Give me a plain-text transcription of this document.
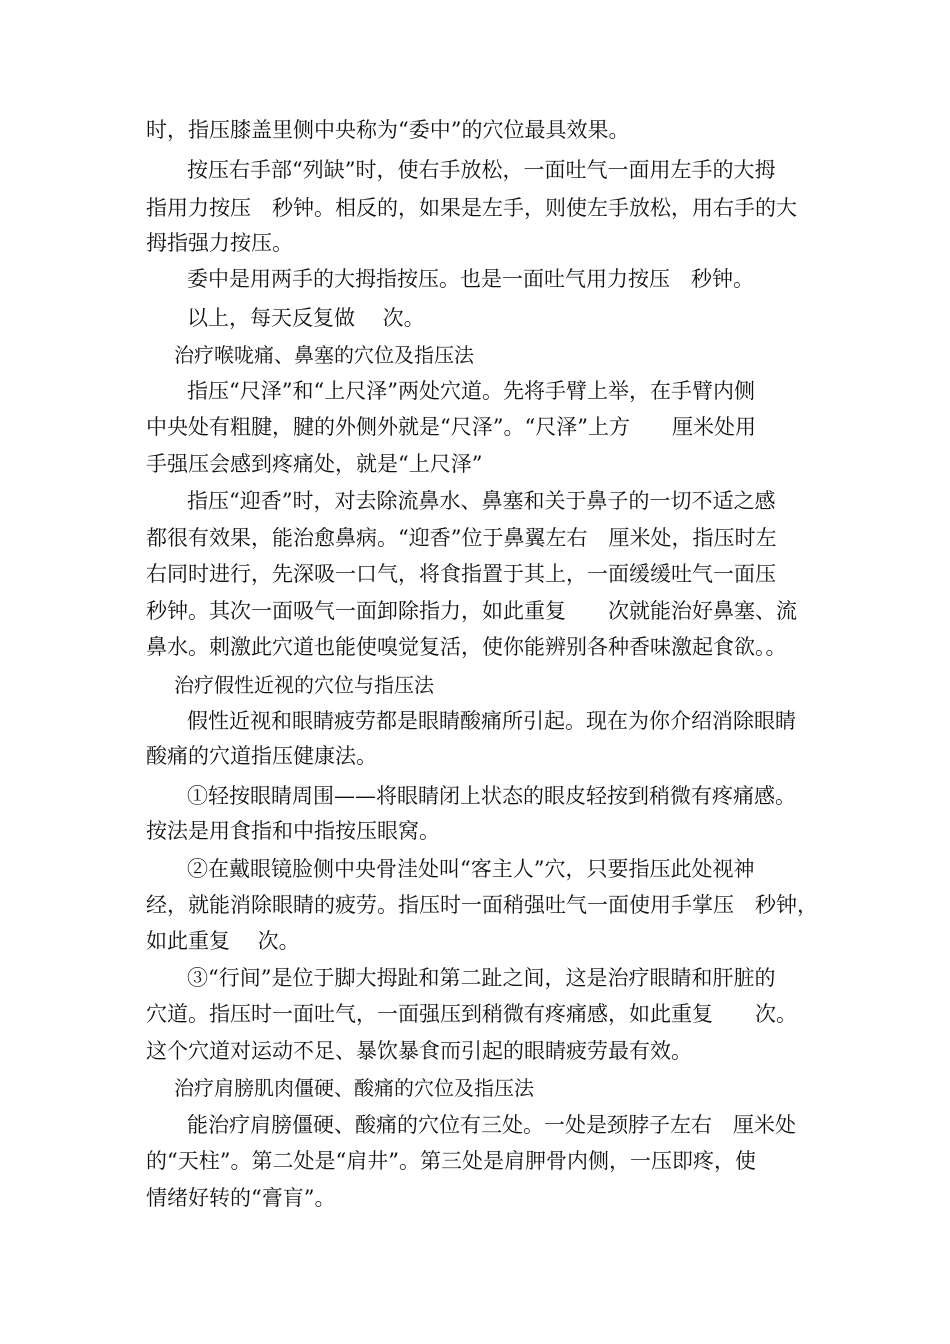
时，指压膝盖里侧中央称为“委中”的穴位最具效果。
按压右手部“列缺”时，使右手放松，一面吐气一面用左手的大拇
指用力按压　秒钟。相反的，如果是左手，则使左手放松，用右手的大
拇指强力按压。
委中是用两手的大拇指按压。也是一面吐气用力按压　秒钟。
以上，每天反复做　 次。
治疗喉咙痛、鼻塞的穴位及指压法
指压“尺泽”和“上尺泽”两处穴道。先将手臂上举，在手臂内侧
中央处有粗腱，腱的外侧外就是“尺泽”。“尺泽”上方　　厘米处用
手强压会感到疼痛处，就是“上尺泽”
指压“迎香”时，对去除流鼻水、鼻塞和关于鼻子的一切不适之感
都很有效果，能治愈鼻病。“迎香”位于鼻翼左右　厘米处，指压时左
右同时进行，先深吸一口气，将食指置于其上，一面缓缓吐气一面压
秒钟。其次一面吸气一面卸除指力，如此重复　　次就能治好鼻塞、流
鼻水。刺激此穴道也能使嗅觉复活，使你能辨别各种香味激起食欲。。
治疗假性近视的穴位与指压法
假性近视和眼睛疲劳都是眼睛酸痛所引起。现在为你介绍消除眼睛
酸痛的穴道指压健康法。
①轻按眼睛周围——将眼睛闭上状态的眼皮轻按到稍微有疼痛感。
按法是用食指和中指按压眼窝。
②在戴眼镜脸侧中央骨洼处叫“客主人”穴，只要指压此处视神
经，就能消除眼睛的疲劳。指压时一面稍强吐气一面使用手掌压　秒钟，
如此重复　 次。
③“行间”是位于脚大拇趾和第二趾之间，这是治疗眼睛和肝脏的
穴道。指压时一面吐气，一面强压到稍微有疼痛感，如此重复　　次。
这个穴道对运动不足、暴饮暴食而引起的眼睛疲劳最有效。
治疗肩膀肌肉僵硬、酸痛的穴位及指压法
能治疗肩膀僵硬、酸痛的穴位有三处。一处是颈脖子左右　厘米处
的“天柱”。第二处是“肩井”。第三处是肩胛骨内侧，一压即疼，使
情绪好转的“膏肓”。
